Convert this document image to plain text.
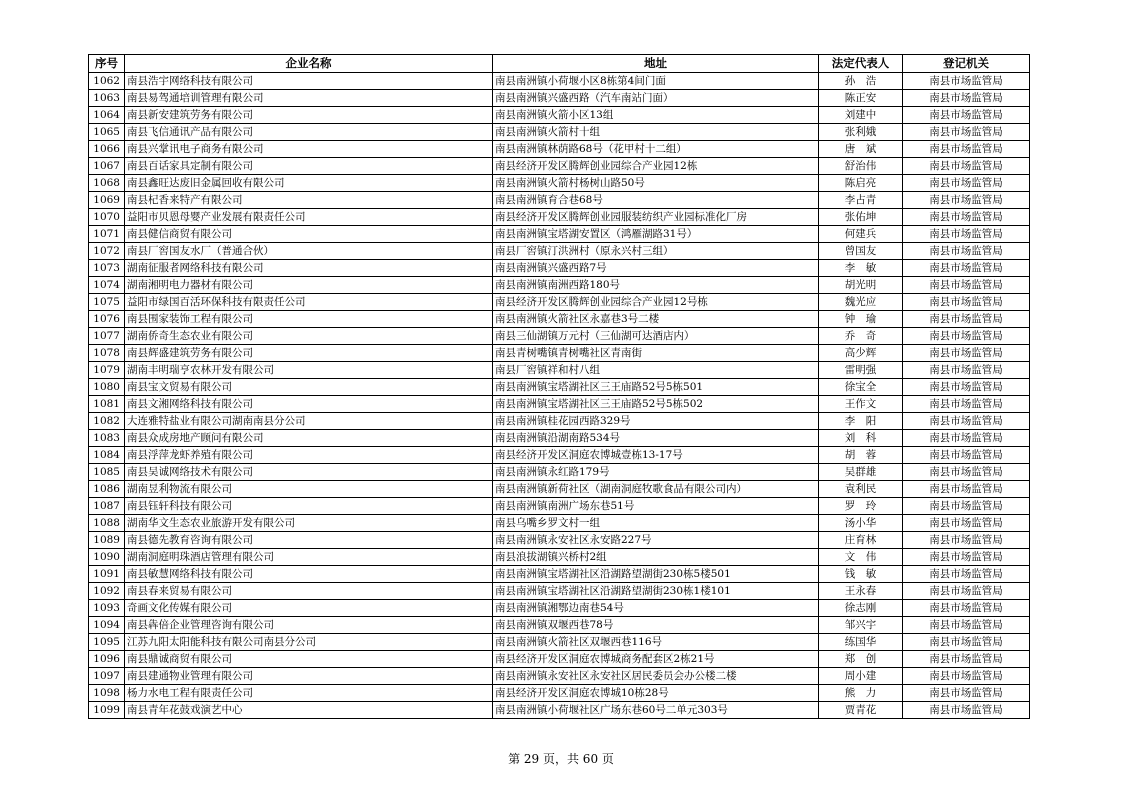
序号	企业名称	地址	法定代表人	登记机关
1062	南县浩宇网络科技有限公司	南县南洲镇小荷堰小区8栋第4间门面	孙　浩	南县市场监管局
1063	南县易驾通培训管理有限公司	南县南洲镇兴盛西路（汽车南站门面）	陈正安	南县市场监管局
1064	南县新安建筑劳务有限公司	南县南洲镇火箭小区13组	刘建中	南县市场监管局
1065	南县飞信通讯产品有限公司	南县南洲镇火箭村十组	张利娥	南县市场监管局
1066	南县兴掌讯电子商务有限公司	南县南洲镇林荫路68号（花甲村十二组）	唐　斌	南县市场监管局
1067	南县百话家具定制有限公司	南县经济开发区腾辉创业园综合产业园12栋	舒治伟	南县市场监管局
1068	南县鑫旺达废旧金属回收有限公司	南县南洲镇火箭村杨树山路50号	陈启亮	南县市场监管局
1069	南县杞香来特产有限公司	南县南洲镇育合巷68号	李占青	南县市场监管局
1070	益阳市贝恩母婴产业发展有限责任公司	南县经济开发区腾辉创业园服装纺织产业园标准化厂房	张佑坤	南县市场监管局
1071	南县健信商贸有限公司	南县南洲镇宝塔湖安置区（鸿雁湖路31号）	何建兵	南县市场监管局
1072	南县厂窖国友水厂（普通合伙）	南县厂窖镇汀洪洲村（原永兴村三组）	曾国友	南县市场监管局
1073	湖南征服者网络科技有限公司	南县南洲镇兴盛西路7号	李　敏	南县市场监管局
1074	湖南湘明电力器材有限公司	南县南洲镇南洲西路180号	胡光明	南县市场监管局
1075	益阳市绿国百活环保科技有限责任公司	南县经济开发区腾辉创业园综合产业园12号栋	魏光应	南县市场监管局
1076	南县围家装饰工程有限公司	南县南洲镇火箭社区永嘉巷3号二楼	钟　瑜	南县市场监管局
1077	湖南侨奇生态农业有限公司	南县三仙湖镇万元村（三仙湖可达酒店内）	乔　奇	南县市场监管局
1078	南县辉盛建筑劳务有限公司	南县青树嘴镇青树嘴社区青南街	高少辉	南县市场监管局
1079	湖南丰明瑞亨农林开发有限公司	南县厂窖镇祥和村八组	雷明强	南县市场监管局
1080	南县宝文贸易有限公司	南县南洲镇宝塔湖社区三王庙路52号5栋501	徐宝全	南县市场监管局
1081	南县文湘网络科技有限公司	南县南洲镇宝塔湖社区三王庙路52号5栋502	王作文	南县市场监管局
1082	大连雅特盐业有限公司湖南南县分公司	南县南洲镇桂花园西路329号	李　阳	南县市场监管局
1083	南县众成房地产顾问有限公司	南县南洲镇沿湖南路534号	刘　科	南县市场监管局
1084	南县浮萍龙虾养殖有限公司	南县经济开发区洞庭农博城壹栋13-17号	胡　蓉	南县市场监管局
1085	南县吴诚网络技术有限公司	南县南洲镇永红路179号	吴群雄	南县市场监管局
1086	湖南昱利物流有限公司	南县南洲镇新荷社区（湖南洞庭牧歌食品有限公司内）	袁利民	南县市场监管局
1087	南县钰轩科技有限公司	南县南洲镇南洲广场东巷51号	罗　玲	南县市场监管局
1088	湖南华文生态农业旅游开发有限公司	南县乌嘴乡罗文村一组	汤小华	南县市场监管局
1089	南县德先教育咨询有限公司	南县南洲镇永安社区永安路227号	庄育林	南县市场监管局
1090	湖南洞庭明珠酒店管理有限公司	南县浪拔湖镇兴桥村2组	文　伟	南县市场监管局
1091	南县敏慧网络科技有限公司	南县南洲镇宝塔湖社区沿湖路望湖街230栋5楼501	钱　敏	南县市场监管局
1092	南县春来贸易有限公司	南县南洲镇宝塔湖社区沿湖路望湖街230栋1楼101	王永春	南县市场监管局
1093	奇画文化传媒有限公司	南县南洲镇湘鄂边南巷54号	徐志刚	南县市场监管局
1094	南县犇倍企业管理咨询有限公司	南县南洲镇双堰西巷78号	邹兴宇	南县市场监管局
1095	江苏九阳太阳能科技有限公司南县分公司	南县南洲镇火箭社区双堰西巷116号	练国华	南县市场监管局
1096	南县鼎诚商贸有限公司	南县经济开发区洞庭农博城商务配套区2栋21号	郑　创	南县市场监管局
1097	南县建通物业管理有限公司	南县南洲镇永安社区永安社区居民委员会办公楼二楼	周小建	南县市场监管局
1098	杨力水电工程有限责任公司	南县经济开发区洞庭农博城10栋28号	熊　力	南县市场监管局
1099	南县青年花鼓戏演艺中心	南县南洲镇小荷堰社区广场东巷60号二单元303号	贾青花	南县市场监管局
第 29 页，共 60 页
